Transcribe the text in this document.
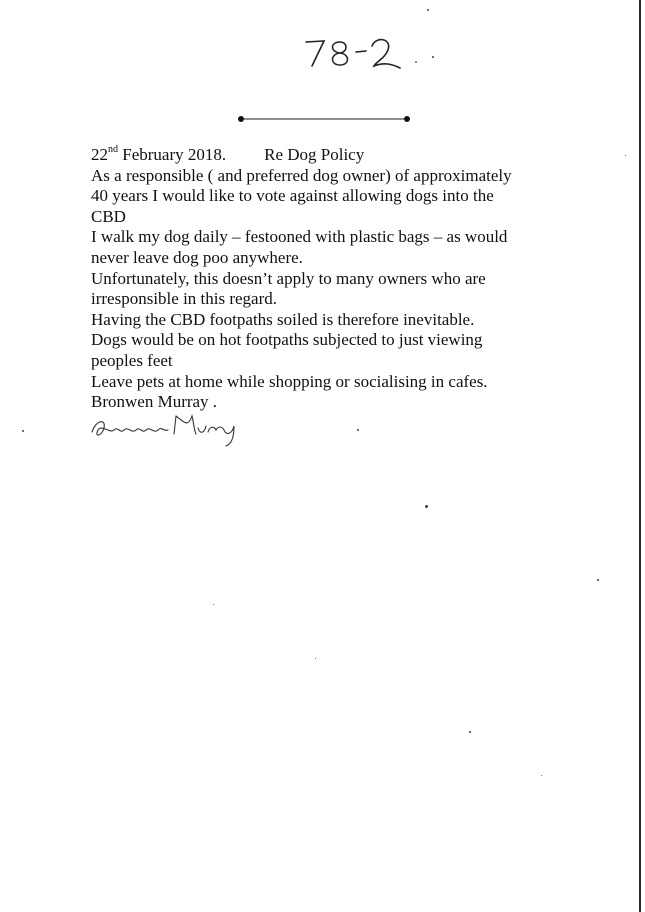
22nd February 2018. Re Dog Policy
As a responsible ( and preferred dog owner) of approximately
40 years I would like to vote against allowing dogs into the
CBD
I walk my dog daily – festooned with plastic bags – as would
never leave dog poo anywhere.
Unfortunately, this doesn’t apply to many owners who are
irresponsible in this regard.
Having the CBD footpaths soiled is therefore inevitable.
Dogs would be on hot footpaths subjected to just viewing
peoples feet
Leave pets at home while shopping or socialising in cafes.
Bronwen Murray .
